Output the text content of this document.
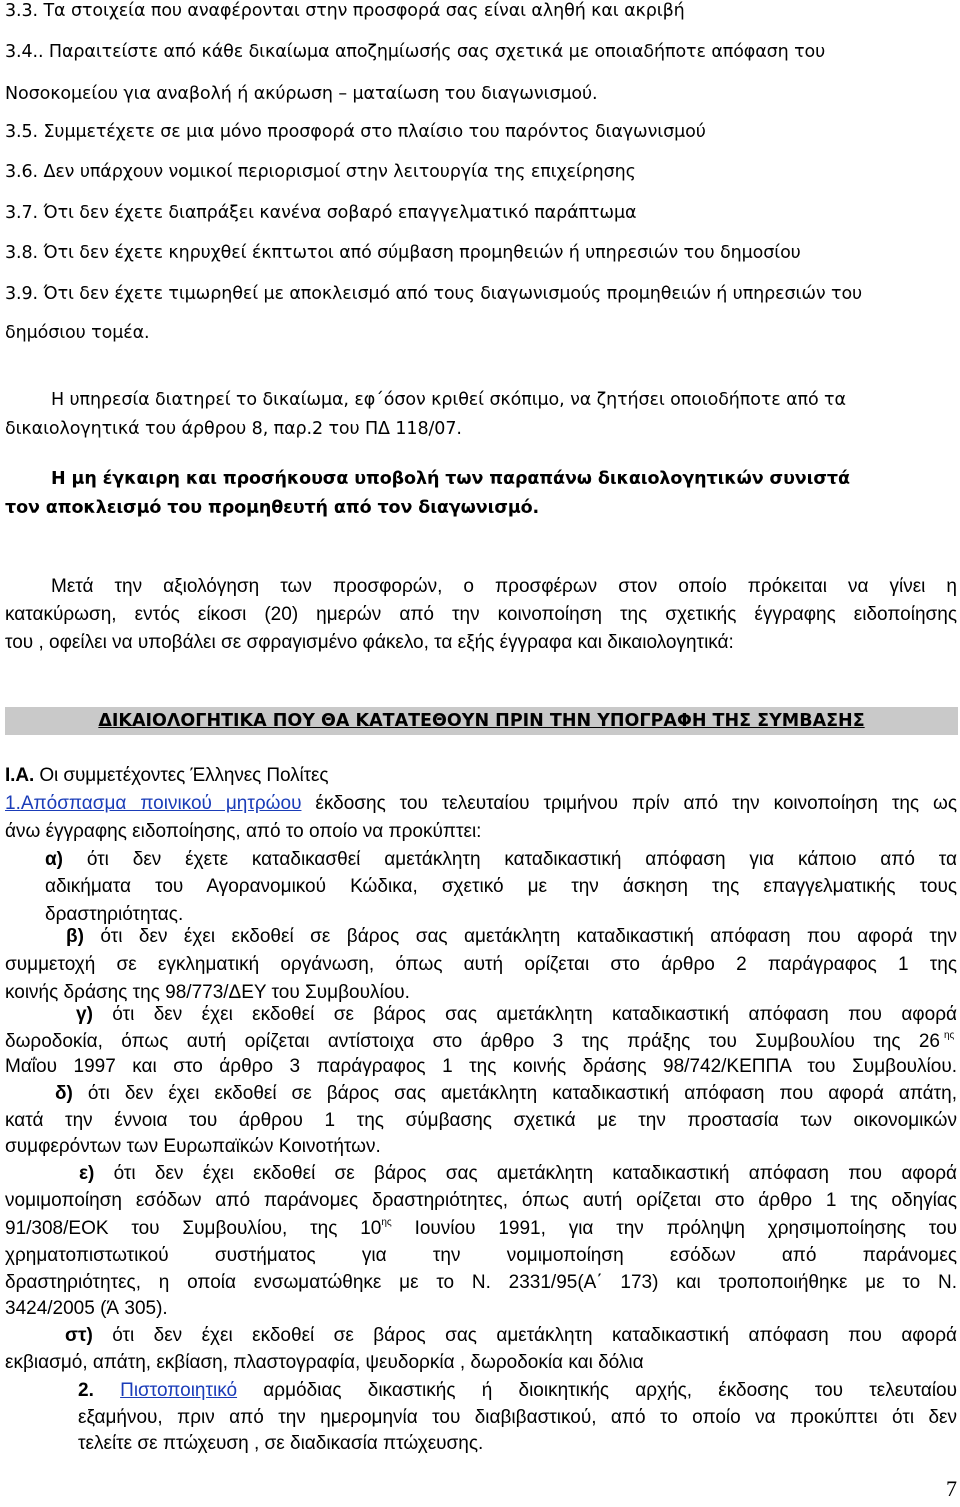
3.3. Τα στοιχεία που αναφέρονται στην προσφορά σας είναι αληθή και ακριβή
3.4.. Παραιτείστε από κάθε δικαίωμα αποζημίωσής σας σχετικά με οποιαδήποτε απόφαση του
Νοσοκομείου για αναβολή ή ακύρωση – ματαίωση του διαγωνισμού.
3.5. Συμμετέχετε σε μια μόνο προσφορά στο πλαίσιο του παρόντος διαγωνισμού
3.6. Δεν υπάρχουν νομικοί περιορισμοί στην λειτουργία της επιχείρησης
3.7. Ότι δεν έχετε διαπράξει κανένα σοβαρό επαγγελματικό παράπτωμα
3.8. Ότι δεν έχετε κηρυχθεί έκπτωτοι από σύμβαση προμηθειών ή υπηρεσιών του δημοσίου
3.9. Ότι δεν έχετε τιμωρηθεί με αποκλεισμό από τους διαγωνισμούς προμηθειών ή υπηρεσιών του
δημόσιου τομέα.
Η υπηρεσία διατηρεί το δικαίωμα, εφ΄όσον κριθεί σκόπιμο, να ζητήσει οποιοδήποτε από τα
δικαιολογητικά του άρθρου 8, παρ.2 του ΠΔ 118/07.
Η μη έγκαιρη και προσήκουσα υποβολή των παραπάνω δικαιολογητικών συνιστά
τον αποκλεισμό του προμηθευτή από τον διαγωνισμό.
Μετά την αξιολόγηση των προσφορών, ο προσφέρων στον οποίο πρόκειται να γίνει η
κατακύρωση, εντός είκοσι (20) ημερών από την κοινοποίηση της σχετικής έγγραφης ειδοποίησης
του , οφείλει να υποβάλει σε σφραγισμένο φάκελο, τα εξής έγγραφα και δικαιολογητικά:
ΔΙΚΑΙΟΛΟΓΗΤΙΚΑ ΠΟΥ ΘΑ ΚΑΤΑΤΕΘΟΥΝ ΠΡΙΝ ΤΗΝ ΥΠΟΓΡΑΦΗ ΤΗΣ ΣΥΜΒΑΣΗΣ
Ι.Α. Οι συμμετέχοντες Έλληνες Πολίτες
1.Απόσπασμα ποινικού μητρώου έκδοσης του τελευταίου τριμήνου πρίν από την κοινοποίηση της ως
άνω έγγραφης ειδοποίησης, από το οποίο να προκύπτει:
α) ότι δεν έχετε καταδικασθεί αμετάκλητη καταδικαστική απόφαση για κάποιο από τα
αδικήματα του Αγορανομικού Κώδικα, σχετικό με την άσκηση της επαγγελματικής τους
δραστηριότητας.
β) ότι δεν έχει εκδοθεί σε βάρος σας αμετάκλητη καταδικαστική απόφαση που αφορά την
συμμετοχή σε εγκληματική οργάνωση, όπως αυτή ορίζεται στο άρθρο 2 παράγραφος 1 της
κοινής δράσης της 98/773/ΔΕΥ του Συμβουλίου.
γ) ότι δεν έχει εκδοθεί σε βάρος σας αμετάκλητη καταδικαστική απόφαση που αφορά
δωροδοκία, όπως αυτή ορίζεται αντίστοιχα στο άρθρο 3 της πράξης του Συμβουλίου της 26 ης
Μαΐου 1997 και στο άρθρο 3 παράγραφος 1 της κοινής δράσης 98/742/ΚΕΠΠΑ του Συμβουλίου.
δ) ότι δεν έχει εκδοθεί σε βάρος σας αμετάκλητη καταδικαστική απόφαση που αφορά απάτη,
κατά την έννοια του άρθρου 1 της σύμβασης σχετικά με την προστασία των οικονομικών
συμφερόντων των Ευρωπαϊκών Κοινοτήτων.
ε) ότι δεν έχει εκδοθεί σε βάρος σας αμετάκλητη καταδικαστική απόφαση που αφορά
νομιμοποίηση εσόδων από παράνομες δραστηριότητες, όπως αυτή ορίζεται στο άρθρο 1 της οδηγίας
91/308/ΕΟΚ του Συμβουλίου, της $10^{\eta\varsigma}$ Ιουνίου 1991, για την πρόληψη χρησιμοποίησης του
χρηματοπιστωτικού συστήματος για την νομιμοποίηση εσόδων από παράνομες
δραστηριότητες, η οποία ενσωματώθηκε με το Ν. 2331/95(Α΄ 173) και τροποποιήθηκε με το Ν.
3424/2005 (Ά 305).
στ) ότι δεν έχει εκδοθεί σε βάρος σας αμετάκλητη καταδικαστική απόφαση που αφορά
εκβιασμό, απάτη, εκβίαση, πλαστογραφία, ψευδορκία , δωροδοκία και δόλια
2. Πιστοποιητικό αρμόδιας δικαστικής ή διοικητικής αρχής, έκδοσης του τελευταίου
εξαμήνου, πριν από την ημερομηνία του διαβιβαστικού, από το οποίο να προκύπτει ότι δεν
τελείτε σε πτώχευση , σε διαδικασία πτώχευσης.
7
